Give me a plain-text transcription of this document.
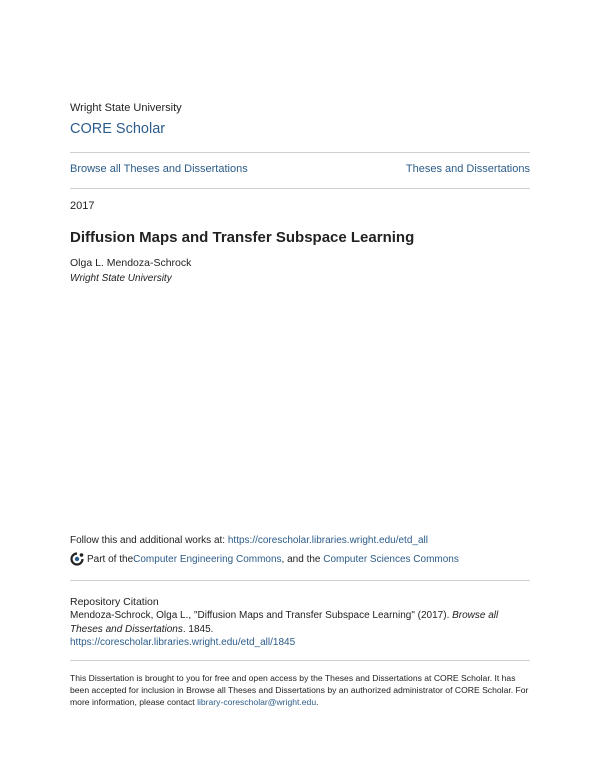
Wright State University
CORE Scholar
Browse all Theses and Dissertations	Theses and Dissertations
2017
Diffusion Maps and Transfer Subspace Learning
Olga L. Mendoza-Schrock
Wright State University
Follow this and additional works at: https://corescholar.libraries.wright.edu/etd_all
Part of the Computer Engineering Commons , and the Computer Sciences Commons
Repository Citation
Mendoza-Schrock, Olga L., "Diffusion Maps and Transfer Subspace Learning" (2017). Browse all Theses and Dissertations. 1845.
https://corescholar.libraries.wright.edu/etd_all/1845
This Dissertation is brought to you for free and open access by the Theses and Dissertations at CORE Scholar. It has been accepted for inclusion in Browse all Theses and Dissertations by an authorized administrator of CORE Scholar. For more information, please contact library-corescholar@wright.edu.
